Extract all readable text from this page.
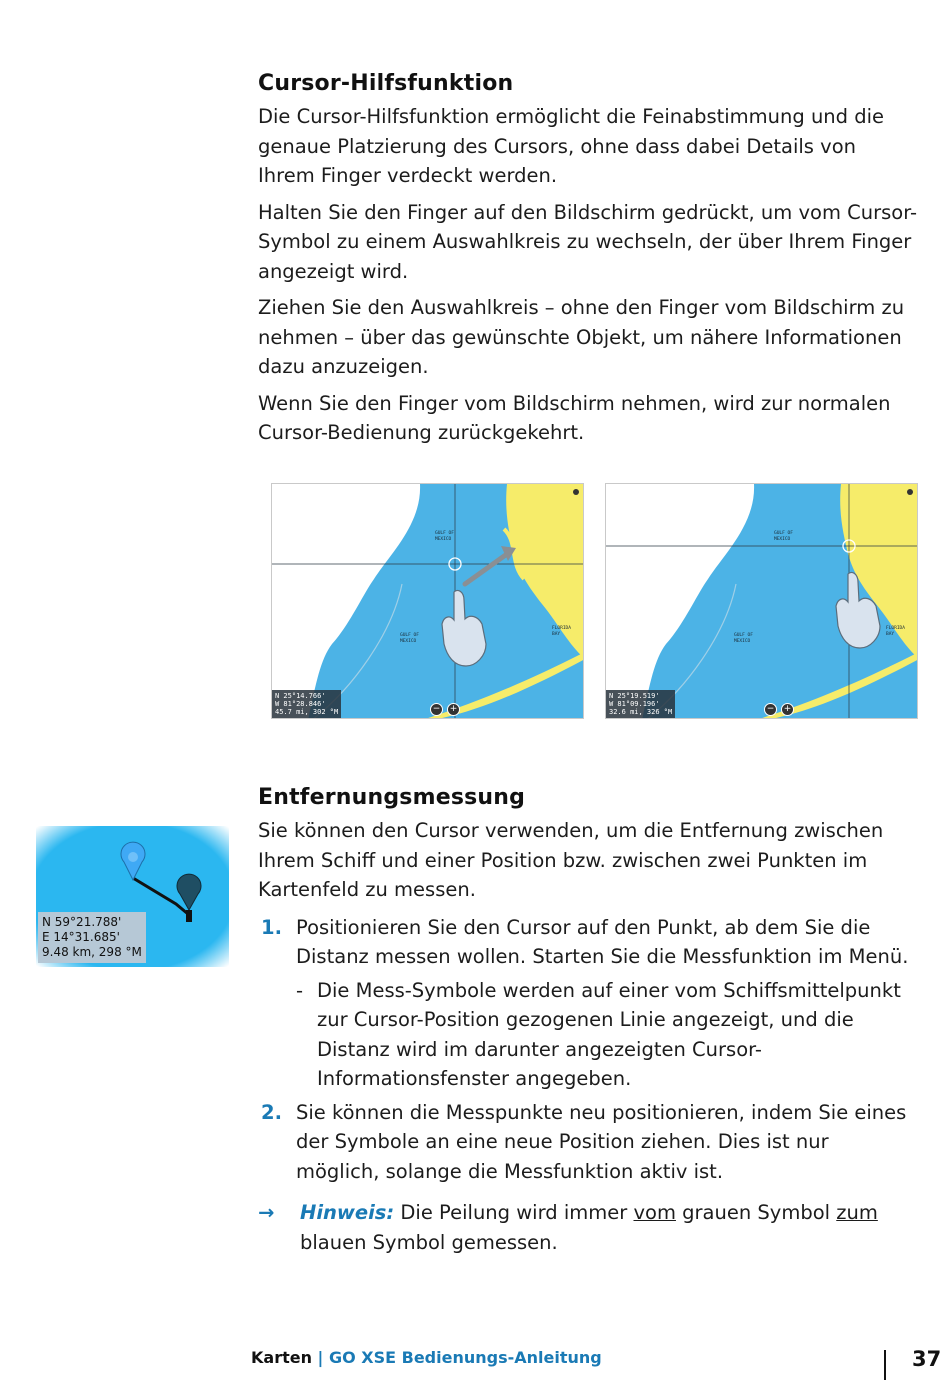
Cursor-Hilfsfunktion

Die Cursor-Hilfsfunktion ermöglicht die Feinabstimmung und die genaue Platzierung des Cursors, ohne dass dabei Details von Ihrem Finger verdeckt werden.

Halten Sie den Finger auf den Bildschirm gedrückt, um vom Cursor-Symbol zu einem Auswahlkreis zu wechseln, der über Ihrem Finger angezeigt wird.

Ziehen Sie den Auswahlkreis – ohne den Finger vom Bildschirm zu nehmen – über das gewünschte Objekt, um nähere Informationen dazu anzuzeigen.

Wenn Sie den Finger vom Bildschirm nehmen, wird zur normalen Cursor-Bedienung zurückgekehrt.

GULF OF
MEXICO
GULF OF
MEXICO
FLORIDA
BAY
N 25°14.766'
W 81°28.846'
45.7 mi, 302 °M	−	+
GULF OF
MEXICO
GULF OF
MEXICO
FLORIDA
BAY
N 25°19.519'
W 81°09.196'
32.6 mi, 326 °M	−	+
N 59°21.788'
E 14°31.685'
9.48 km, 298 °M
Entfernungsmessung

Sie können den Cursor verwenden, um die Entfernung zwischen Ihrem Schiff und einer Position bzw. zwischen zwei Punkten im Kartenfeld zu messen.

1. Positionieren Sie den Cursor auf den Punkt, ab dem Sie die Distanz messen wollen. Starten Sie die Messfunktion im Menü.
- Die Mess-Symbole werden auf einer vom Schiffsmittelpunkt zur Cursor-Position gezogenen Linie angezeigt, und die Distanz wird im darunter angezeigten Cursor-Informationsfenster angegeben.
2. Sie können die Messpunkte neu positionieren, indem Sie eines der Symbole an eine neue Position ziehen. Dies ist nur möglich, solange die Messfunktion aktiv ist.
→ Hinweis: Die Peilung wird immer vom grauen Symbol zum blauen Symbol gemessen.
Karten | GO XSE Bedienungs-Anleitung	37
